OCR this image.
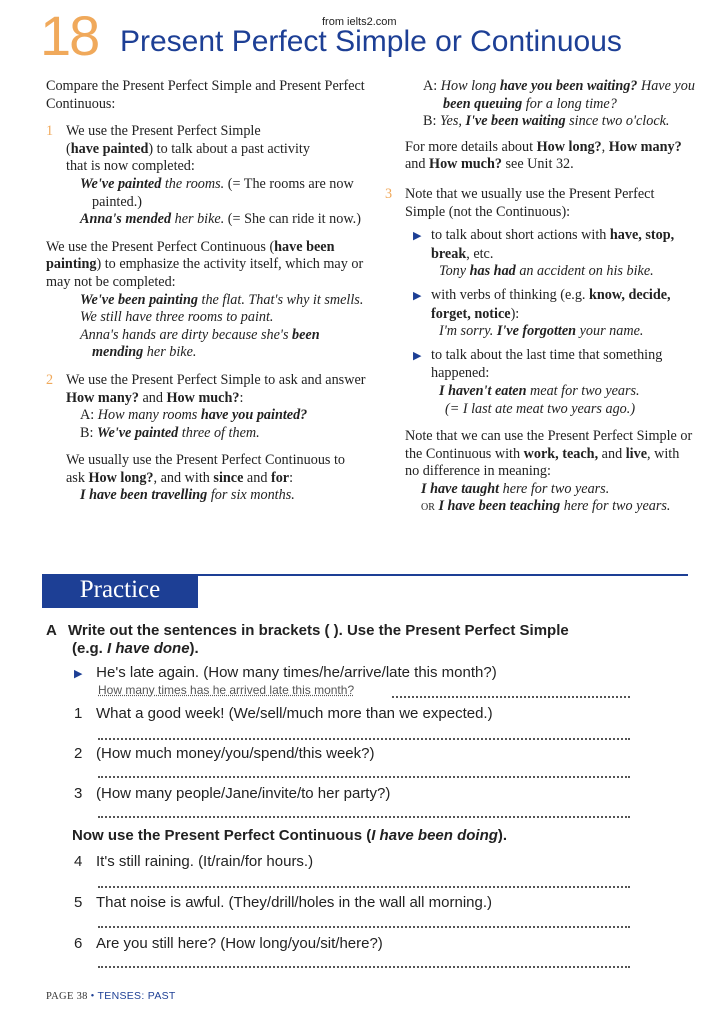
from ielts2.com
18 Present Perfect Simple or Continuous

Compare the Present Perfect Simple and Present Perfect Continuous:

1 We use the Present Perfect Simple

(have painted) to talk about a past activity

that is now completed:

We've painted the rooms. (= The rooms are now painted.)

Anna's mended her bike. (= She can ride it now.)

We use the Present Perfect Continuous (have been painting) to emphasize the activity itself, which may or may not be completed:

We've been painting the flat. That's why it smells.

We still have three rooms to paint.

Anna's hands are dirty because she's been mending her bike.

2 We use the Present Perfect Simple to ask and answer How many? and How much?:

A: How many rooms have you painted?

B: We've painted three of them.

We usually use the Present Perfect Continuous to ask How long?, and with since and for:

I have been travelling for six months.

A: How long have you been waiting? Have you been queuing for a long time?

B: Yes, I've been waiting since two o'clock.

For more details about How long?, How many? and How much? see Unit 32.

3 Note that we usually use the Present Perfect Simple (not the Continuous):

▶ to talk about short actions with have, stop, break, etc.

Tony has had an accident on his bike.

▶ with verbs of thinking (e.g. know, decide, forget, notice):

I'm sorry. I've forgotten your name.

▶ to talk about the last time that something happened:

I haven't eaten meat for two years.

(= I last ate meat two years ago.)

Note that we can use the Present Perfect Simple or the Continuous with work, teach, and live, with no difference in meaning:

I have taught here for two years.

or I have been teaching here for two years.

Practice
A Write out the sentences in brackets ( ). Use the Present Perfect Simple
(e.g. I have done).
▶ He's late again. (How many times/he/arrive/late this month?)
How many times has he arrived late this month?
1 What a good week! (We/sell/much more than we expected.)
2 (How much money/you/spend/this week?)
3 (How many people/Jane/invite/to her party?)
Now use the Present Perfect Continuous (I have been doing).
4 It's still raining. (It/rain/for hours.)
5 That noise is awful. (They/drill/holes in the wall all morning.)
6 Are you still here? (How long/you/sit/here?)
PAGE 38 • TENSES: PAST
